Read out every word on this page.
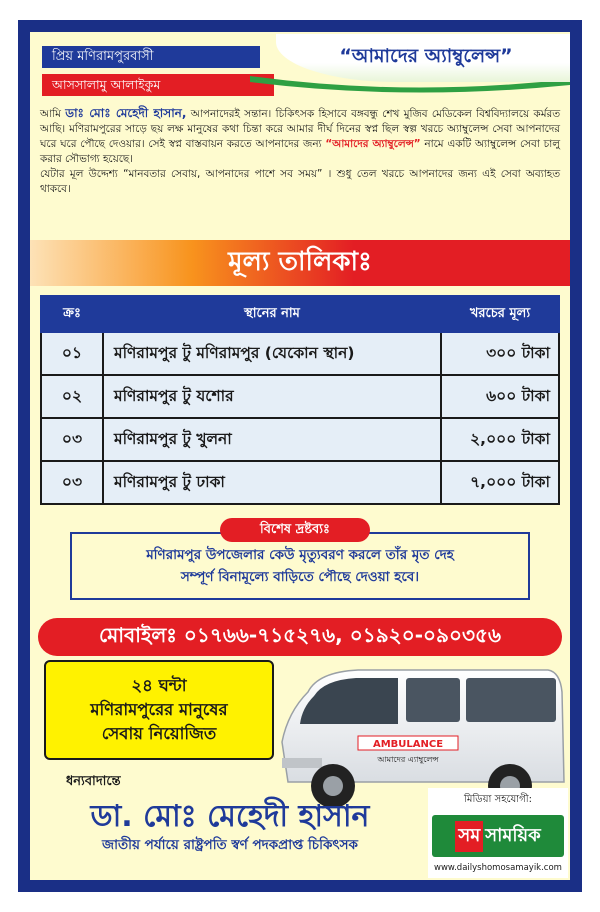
প্রিয় মণিরামপুরবাসী
আসসালামু আলাইকুম
“আমাদের অ্যাম্বুলেন্স”

আমি ডাঃ মোঃ মেহেদী হাসান, আপনাদেরই সন্তান। চিকিৎসক হিসাবে বঙ্গবন্ধু শেখ মুজিব মেডিকেল বিশ্ববিদ্যালয়ে কর্মরত আছি। মণিরামপুরের সাড়ে ছয় লক্ষ মানুষের কথা চিন্তা করে আমার দীর্ঘ দিনের স্বপ্ন ছিল স্বল্প খরচে অ্যাম্বুলেন্স সেবা আপনাদের ঘরে ঘরে পৌছে দেওয়ার। সেই স্বপ্ন বাস্তবায়ন করতে আপনাদের জন্য “আমাদের অ্যাম্বুলেন্স” নামে একটি অ্যাম্বুলেন্স সেবা চালু করার সৌভাগ্য হয়েছে।

যেটার মূল উদ্দেশ্য “মানবতার সেবায়, আপনাদের পাশে সব সময়” । শুধু তেল খরচে আপনাদের জন্য এই সেবা অব্যাহত থাকবে।

মূল্য তালিকাঃ
ক্রঃ	স্থানের নাম	খরচের মূল্য
০১	মণিরামপুর টু মণিরামপুর (যেকোন স্থান)	৩০০ টাকা
০২	মণিরামপুর টু যশোর	৬০০ টাকা
০৩	মণিরামপুর টু খুলনা	২,০০০ টাকা
০৩	মণিরামপুর টু ঢাকা	৭,০০০ টাকা
মণিরামপুর উপজেলার কেউ মৃত্যুবরণ করলে তাঁর মৃত দেহ
সম্পূর্ণ বিনামূল্যে বাড়িতে পৌছে দেওয়া হবে।
বিশেষ দ্রষ্টব্যঃ
মোবাইলঃ ০১৭৬৬-৭১৫২৭৬, ০১৯২০-০৯০৩৫৬
AMBULANCE
আমাদের এ্যাম্বুলেন্স
২৪ ঘন্টা
মণিরামপুরের মানুষের
সেবায় নিয়োজিত
ধন্যবাদান্তে
ডা. মোঃ মেহেদী হাসান
জাতীয় পর্যায়ে রাষ্ট্রপতি স্বর্ণ পদকপ্রাপ্ত চিকিৎসক
মিডিয়া সহযোগী:
সম সাময়িক
www.dailyshomosamayik.com
